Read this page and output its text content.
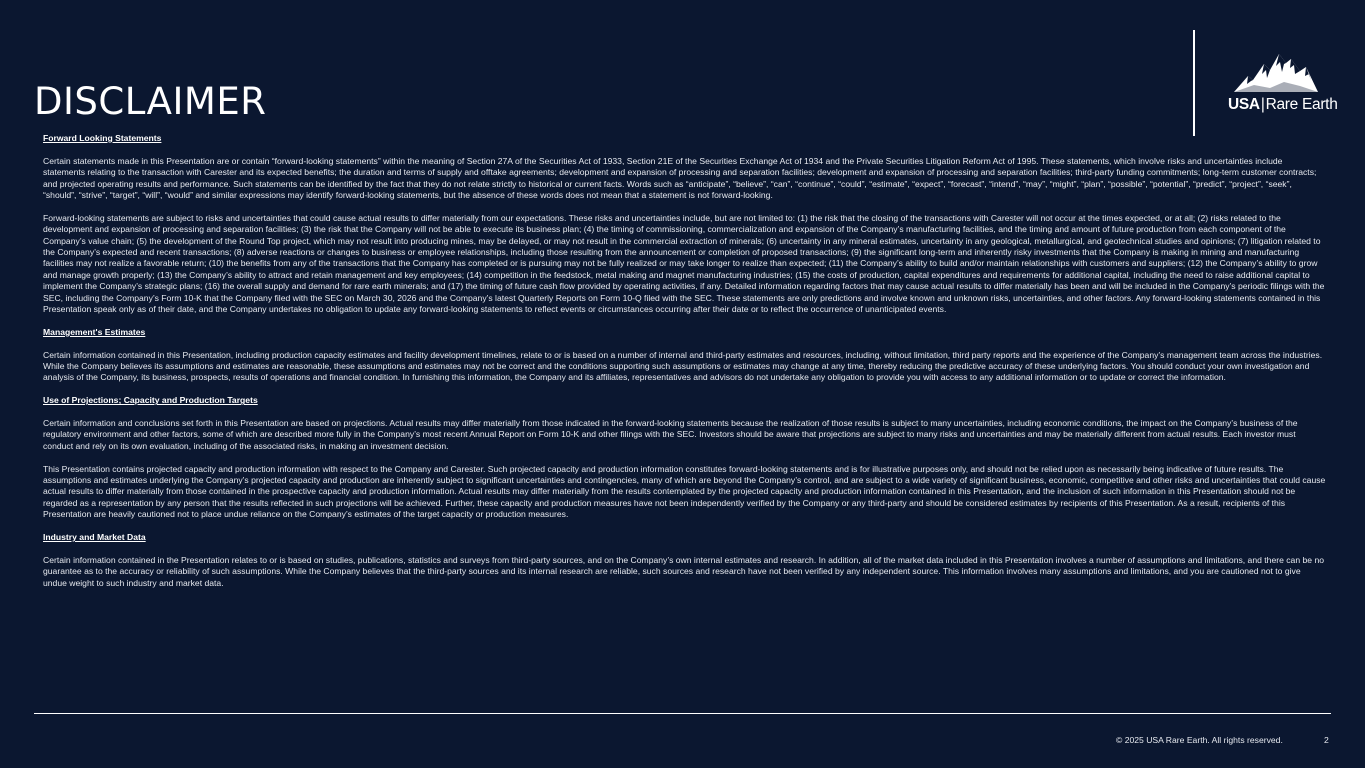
DISCLAIMER	USA|Rare Earth
Forward Looking Statements

Certain statements made in this Presentation are or contain “forward-looking statements” within the meaning of Section 27A of the Securities Act of 1933, Section 21E of the Securities Exchange Act of 1934 and the Private Securities Litigation Reform Act of 1995. These statements, which involve risks and uncertainties include statements relating to the transaction with Carester and its expected benefits; the duration and terms of supply and offtake agreements; development and expansion of processing and separation facilities; development and expansion of processing and separation facilities; third-party funding commitments; long-term customer contracts; and projected operating results and performance. Such statements can be identified by the fact that they do not relate strictly to historical or current facts. Words such as “anticipate”, “believe”, “can”, “continue”, “could”, “estimate”, “expect”, “forecast”, “intend”, “may”, “might”, “plan”, “possible”, “potential”, “predict”, “project”, “seek”, “should”, “strive”, “target”, “will”, “would” and similar expressions may identify forward-looking statements, but the absence of these words does not mean that a statement is not forward-looking.

Forward-looking statements are subject to risks and uncertainties that could cause actual results to differ materially from our expectations. These risks and uncertainties include, but are not limited to: (1) the risk that the closing of the transactions with Carester will not occur at the times expected, or at all; (2) risks related to the development and expansion of processing and separation facilities; (3) the risk that the Company will not be able to execute its business plan; (4) the timing of commissioning, commercialization and expansion of the Company’s manufacturing facilities, and the timing and amount of future production from each component of the Company’s value chain; (5) the development of the Round Top project, which may not result into producing mines, may be delayed, or may not result in the commercial extraction of minerals; (6) uncertainty in any mineral estimates, uncertainty in any geological, metallurgical, and geotechnical studies and opinions; (7) litigation related to the Company’s expected and recent transactions; (8) adverse reactions or changes to business or employee relationships, including those resulting from the announcement or completion of proposed transactions; (9) the significant long-term and inherently risky investments that the Company is making in mining and manufacturing facilities may not realize a favorable return; (10) the benefits from any of the transactions that the Company has completed or is pursuing may not be fully realized or may take longer to realize than expected; (11) the Company’s ability to build and/or maintain relationships with customers and suppliers; (12) the Company’s ability to grow and manage growth properly; (13) the Company’s ability to attract and retain management and key employees; (14) competition in the feedstock, metal making and magnet manufacturing industries; (15) the costs of production, capital expenditures and requirements for additional capital, including the need to raise additional capital to implement the Company’s strategic plans; (16) the overall supply and demand for rare earth minerals; and (17) the timing of future cash flow provided by operating activities, if any. Detailed information regarding factors that may cause actual results to differ materially has been and will be included in the Company’s periodic filings with the SEC, including the Company’s Form 10-K that the Company filed with the SEC on March 30, 2026 and the Company’s latest Quarterly Reports on Form 10-Q filed with the SEC. These statements are only predictions and involve known and unknown risks, uncertainties, and other factors. Any forward-looking statements contained in this Presentation speak only as of their date, and the Company undertakes no obligation to update any forward-looking statements to reflect events or circumstances occurring after their date or to reflect the occurrence of unanticipated events.

Management's Estimates

Certain information contained in this Presentation, including production capacity estimates and facility development timelines, relate to or is based on a number of internal and third-party estimates and resources, including, without limitation, third party reports and the experience of the Company’s management team across the industries. While the Company believes its assumptions and estimates are reasonable, these assumptions and estimates may not be correct and the conditions supporting such assumptions or estimates may change at any time, thereby reducing the predictive accuracy of these underlying factors. You should conduct your own investigation and analysis of the Company, its business, prospects, results of operations and financial condition. In furnishing this information, the Company and its affiliates, representatives and advisors do not undertake any obligation to provide you with access to any additional information or to update or correct the information.

Use of Projections; Capacity and Production Targets

Certain information and conclusions set forth in this Presentation are based on projections. Actual results may differ materially from those indicated in the forward-looking statements because the realization of those results is subject to many uncertainties, including economic conditions, the impact on the Company’s business of the regulatory environment and other factors, some of which are described more fully in the Company’s most recent Annual Report on Form 10-K and other filings with the SEC. Investors should be aware that projections are subject to many risks and uncertainties and may be materially different from actual results. Each investor must conduct and rely on its own evaluation, including of the associated risks, in making an investment decision.

This Presentation contains projected capacity and production information with respect to the Company and Carester. Such projected capacity and production information constitutes forward-looking statements and is for illustrative purposes only, and should not be relied upon as necessarily being indicative of future results. The assumptions and estimates underlying the Company’s projected capacity and production are inherently subject to significant uncertainties and contingencies, many of which are beyond the Company’s control, and are subject to a wide variety of significant business, economic, competitive and other risks and uncertainties that could cause actual results to differ materially from those contained in the prospective capacity and production information. Actual results may differ materially from the results contemplated by the projected capacity and production information contained in this Presentation, and the inclusion of such information in this Presentation should not be regarded as a representation by any person that the results reflected in such projections will be achieved. Further, these capacity and production measures have not been independently verified by the Company or any third-party and should be considered estimates by recipients of this Presentation. As a result, recipients of this Presentation are heavily cautioned not to place undue reliance on the Company’s estimates of the target capacity or production measures.

Industry and Market Data

Certain information contained in the Presentation relates to or is based on studies, publications, statistics and surveys from third-party sources, and on the Company’s own internal estimates and research. In addition, all of the market data included in this Presentation involves a number of assumptions and limitations, and there can be no guarantee as to the accuracy or reliability of such assumptions. While the Company believes that the third-party sources and its internal research are reliable, such sources and research have not been verified by any independent source. This information involves many assumptions and limitations, and you are cautioned not to give undue weight to such industry and market data.

© 2025 USA Rare Earth. All rights reserved.	2
